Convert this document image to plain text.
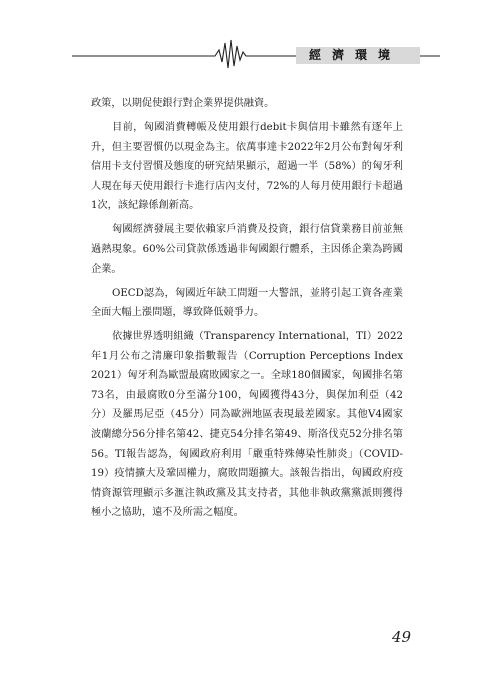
經濟環境

政策，以期促使銀行對企業界提供融資。

目前，匈國消費轉帳及使用銀行debit卡與信用卡雖然有逐年上升，但主要習慣仍以現金為主。依萬事達卡2022年2月公布對匈牙利信用卡支付習慣及態度的研究結果顯示，超過一半（58%）的匈牙利人現在每天使用銀行卡進行店內支付，72%的人每月使用銀行卡超過1次，該紀錄係創新高。

匈國經濟發展主要依賴家戶消費及投資，銀行信貸業務目前並無過熱現象。60%公司貸款係透過非匈國銀行體系，主因係企業為跨國企業。

OECD認為，匈國近年缺工問題一大警訊，並將引起工資各產業全面大幅上漲問題，導致降低競爭力。

依據世界透明組織（Transparency International，TI）2022年1月公布之清廉印象指數報告（Corruption Perceptions Index 2021）匈牙利為歐盟最腐敗國家之一。全球180個國家，匈國排名第73名，由最腐敗0分至滿分100，匈國獲得43分，與保加利亞（42分）及羅馬尼亞（45分）同為歐洲地區表現最差國家。其他V4國家波蘭總分56分排名第42、捷克54分排名第49、斯洛伐克52分排名第56。TI報告認為，匈國政府利用「嚴重特殊傳染性肺炎」（COVID-19）疫情擴大及鞏固權力，腐敗問題擴大。該報告指出，匈國政府疫情資源管理顯示多滙注執政黨及其支持者，其他非執政黨黨派則獲得極小之協助，遠不及所需之幅度。

49
